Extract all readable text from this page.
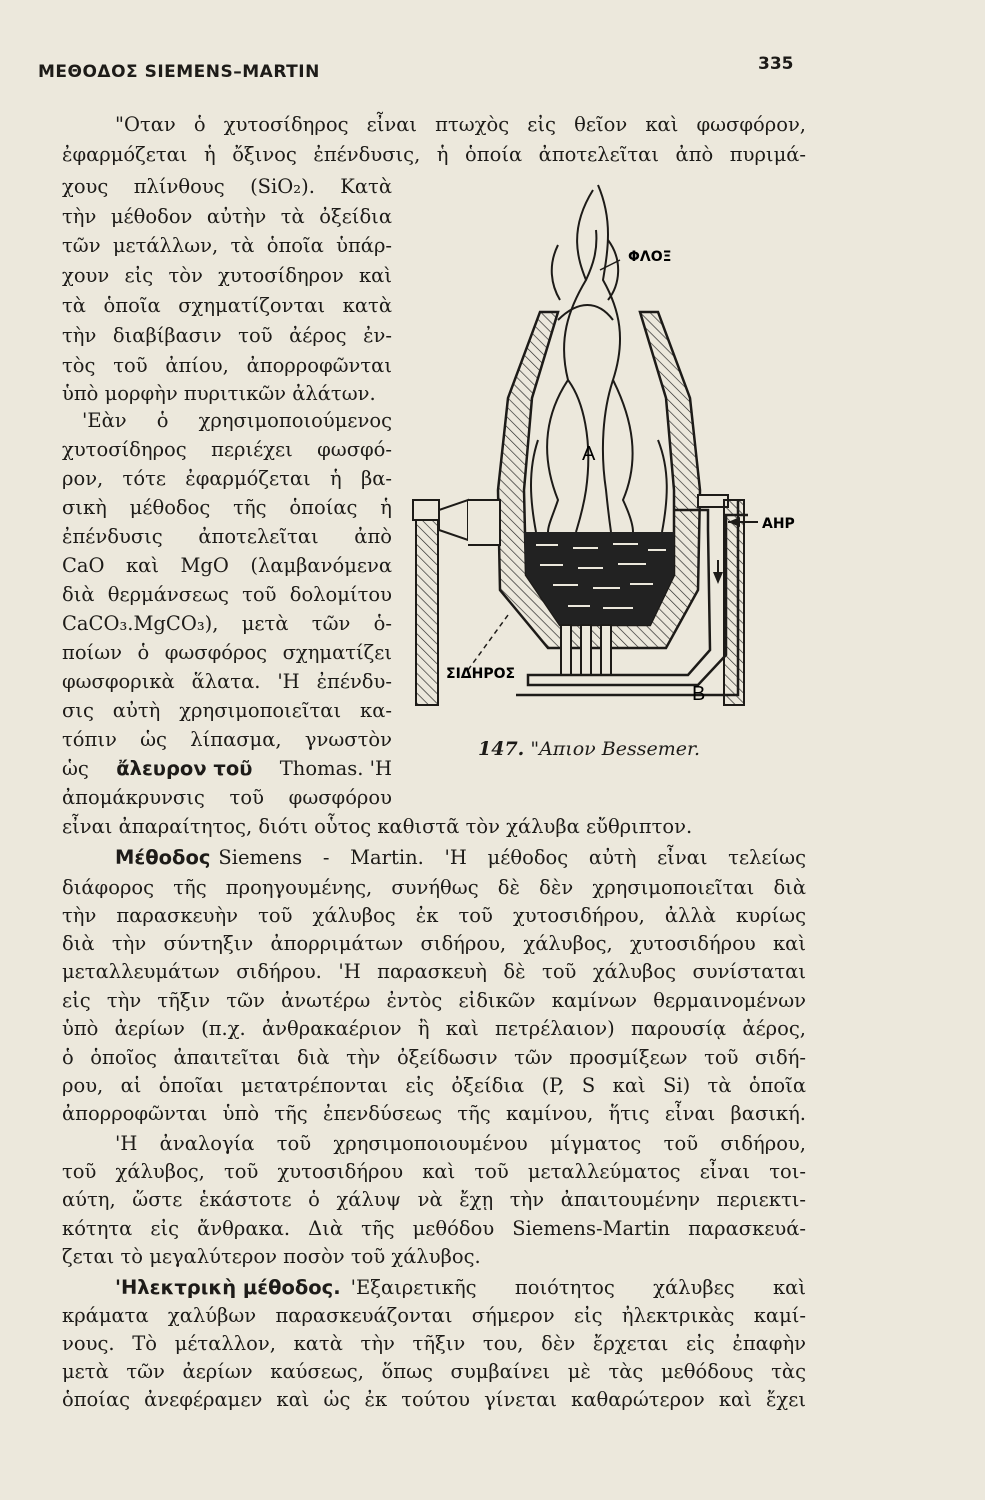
ΜΕΘΟΔΟΣ SIEMENS–MARTIN	335
"Οταν ὁ χυτοσίδηρος εἶναι πτωχὸς εἰς θεῖον καὶ φωσφόρον,
ἐφαρμόζεται ἡ ὄξινος ἐπένδυσις, ἡ ὁποία ἀποτελεῖται ἀπὸ πυριμά-
χους πλίνθους (SiO₂). Κατὰ
τὴν μέθοδον αὐτὴν τὰ ὀξείδια
τῶν μετάλλων, τὰ ὁποῖα ὑπάρ-
χουν εἰς τὸν χυτοσίδηρον καὶ
τὰ ὁποῖα σχηματίζονται κατὰ
τὴν διαβίβασιν τοῦ ἀέρος ἐν-
τὸς τοῦ ἀπίου, ἀπορροφῶνται
ὑπὸ μορφὴν πυριτικῶν ἀλάτων.
'Εὰν ὁ χρησιμοποιούμενος
χυτοσίδηρος περιέχει φωσφό-
ρον, τότε ἐφαρμόζεται ἡ βα-
σικὴ μέθοδος τῆς ὁποίας ἡ
ἐπένδυσις ἀποτελεῖται ἀπὸ
CaO καὶ MgO (λαμβανόμενα
διὰ θερμάνσεως τοῦ δολομίτου
CaCO₃.MgCO₃), μετὰ τῶν ὁ-
ποίων ὁ φωσφόρος σχηματίζει
φωσφορικὰ ἅλατα. 'Η ἐπένδυ-
σις αὐτὴ χρησιμοποιεῖται κα-
τόπιν ὡς λίπασμα, γνωστὸν
ὡς ἄλευρον τοῦ Thomas. 'Η
ἀπομάκρυνσις τοῦ φωσφόρου
εἶναι ἀπαραίτητος, διότι οὗτος καθιστᾶ τὸν χάλυβα εὔθριπτον.
ΦΛΟΞ
Α
ΑΗΡ
ΣΙΔΗΡΟΣ
Β
147. "Απιον Bessemer.
Μέθοδος Siemens - Martin. 'Η μέθοδος αὐτὴ εἶναι τελείως
διάφορος τῆς προηγουμένης, συνήθως δὲ δὲν χρησιμοποιεῖται διὰ
τὴν παρασκευὴν τοῦ χάλυβος ἐκ τοῦ χυτοσιδήρου, ἀλλὰ κυρίως
διὰ τὴν σύντηξιν ἀπορριμάτων σιδήρου, χάλυβος, χυτοσιδήρου καὶ
μεταλλευμάτων σιδήρου. 'Η παρασκευὴ δὲ τοῦ χάλυβος συνίσταται
εἰς τὴν τῆξιν τῶν ἀνωτέρω ἐντὸς εἰδικῶν καμίνων θερμαινομένων
ὑπὸ ἀερίων (π.χ. ἀνθρακαέριον ἢ καὶ πετρέλαιον) παρουσίᾳ ἀέρος,
ὁ ὁποῖος ἀπαιτεῖται διὰ τὴν ὀξείδωσιν τῶν προσμίξεων τοῦ σιδή-
ρου, αἱ ὁποῖαι μετατρέπονται εἰς ὀξείδια (P, S καὶ Si) τὰ ὁποῖα
ἀπορροφῶνται ὑπὸ τῆς ἐπενδύσεως τῆς καμίνου, ἥτις εἶναι βασική.
'Η ἀναλογία τοῦ χρησιμοποιουμένου μίγματος τοῦ σιδήρου,
τοῦ χάλυβος, τοῦ χυτοσιδήρου καὶ τοῦ μεταλλεύματος εἶναι τοι-
αύτη, ὥστε ἑκάστοτε ὁ χάλυψ νὰ ἔχῃ τὴν ἀπαιτουμένην περιεκτι-
κότητα εἰς ἄνθρακα. Διὰ τῆς μεθόδου Siemens-Martin παρασκευά-
ζεται τὸ μεγαλύτερον ποσὸν τοῦ χάλυβος.
'Ηλεκτρικὴ μέθοδος. 'Εξαιρετικῆς ποιότητος χάλυβες καὶ
κράματα χαλύβων παρασκευάζονται σήμερον εἰς ἠλεκτρικὰς καμί-
νους. Τὸ μέταλλον, κατὰ τὴν τῆξιν του, δὲν ἔρχεται εἰς ἐπαφὴν
μετὰ τῶν ἀερίων καύσεως, ὅπως συμβαίνει μὲ τὰς μεθόδους τὰς
ὁποίας ἀνεφέραμεν καὶ ὡς ἐκ τούτου γίνεται καθαρώτερον καὶ ἔχει
